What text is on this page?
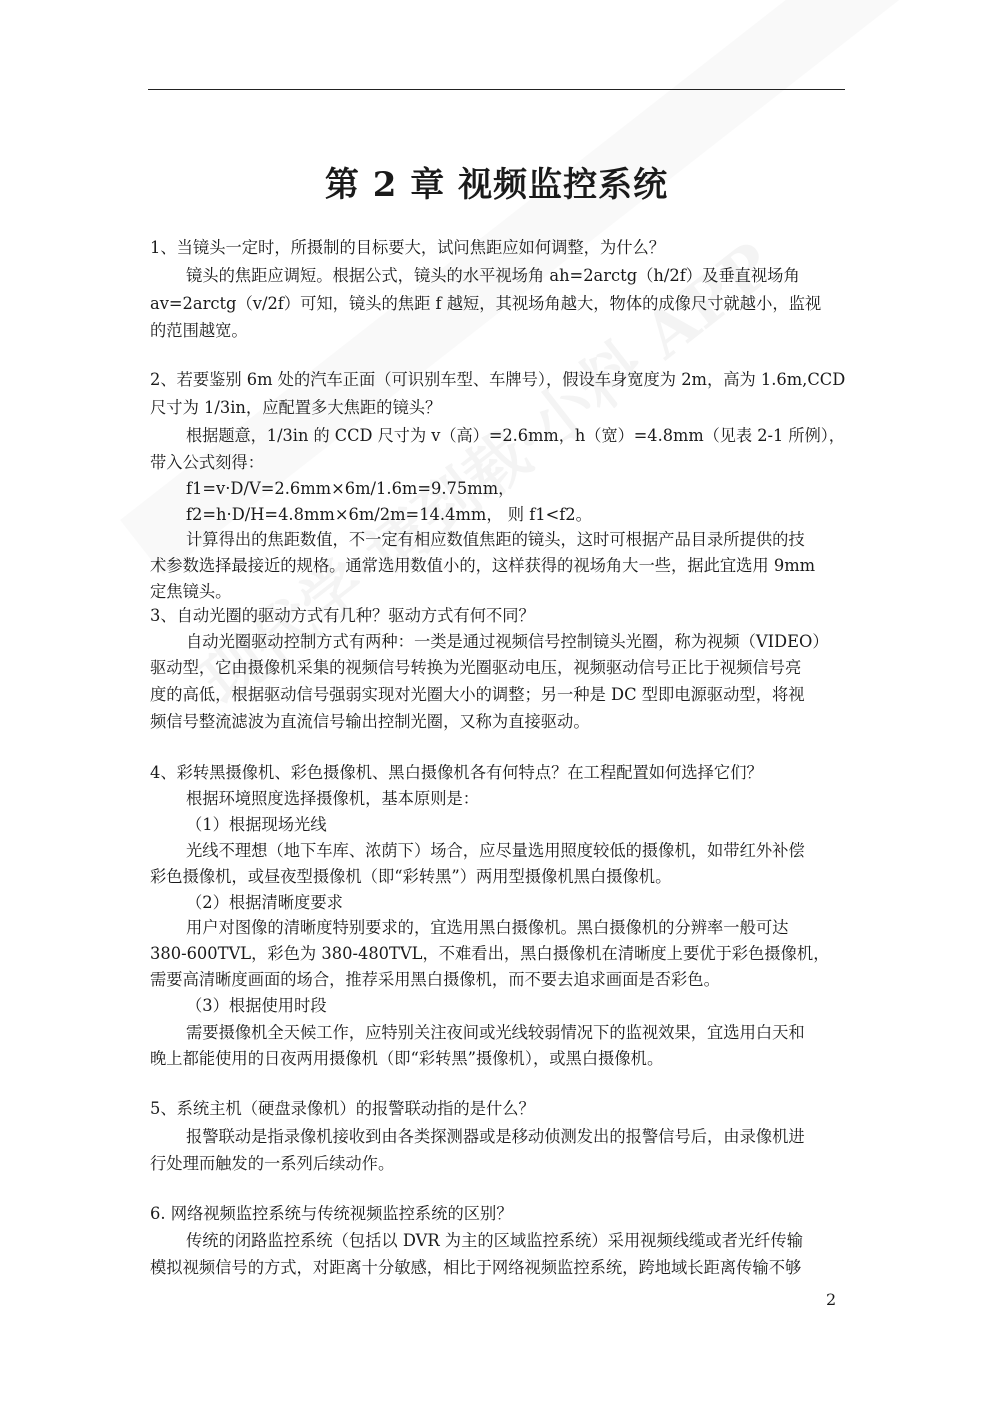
第 2 章 视频监控系统
1、当镜头一定时，所摄制的目标要大，试问焦距应如何调整，为什么？
镜头的焦距应调短。根据公式，镜头的水平视场角 ah=2arctg（h/2f）及垂直视场角
av=2arctg（v/2f）可知，镜头的焦距 f 越短，其视场角越大，物体的成像尺寸就越小，监视
的范围越宽。
2、若要鉴别 6m 处的汽车正面（可识别车型、车牌号），假设车身宽度为 2m，高为 1.6m,CCD
尺寸为 1/3in，应配置多大焦距的镜头？
根据题意，1/3in 的 CCD 尺寸为 v（高）=2.6mm，h（宽）=4.8mm（见表 2-1 所例），
带入公式刻得：
f1=v·D/V=2.6mm×6m/1.6m=9.75mm，
f2=h·D/H=4.8mm×6m/2m=14.4mm， 则 f1<f2。
计算得出的焦距数值，不一定有相应数值焦距的镜头，这时可根据产品目录所提供的技
术参数选择最接近的规格。通常选用数值小的，这样获得的视场角大一些，据此宜选用 9mm
定焦镜头。
3、自动光圈的驱动方式有几种？驱动方式有何不同？
自动光圈驱动控制方式有两种：一类是通过视频信号控制镜头光圈，称为视频（VIDEO）
驱动型，它由摄像机采集的视频信号转换为光圈驱动电压，视频驱动信号正比于视频信号亮
度的高低，根据驱动信号强弱实现对光圈大小的调整；另一种是 DC 型即电源驱动型，将视
频信号整流滤波为直流信号输出控制光圈，又称为直接驱动。
4、彩转黑摄像机、彩色摄像机、黑白摄像机各有何特点？在工程配置如何选择它们？
根据环境照度选择摄像机，基本原则是：
（1）根据现场光线
光线不理想（地下车库、浓荫下）场合，应尽量选用照度较低的摄像机，如带红外补偿
彩色摄像机，或昼夜型摄像机（即“彩转黑”）两用型摄像机黑白摄像机。
（2）根据清晰度要求
用户对图像的清晰度特别要求的，宜选用黑白摄像机。黑白摄像机的分辨率一般可达
380-600TVL，彩色为 380-480TVL，不难看出，黑白摄像机在清晰度上要优于彩色摄像机，
需要高清晰度画面的场合，推荐采用黑白摄像机，而不要去追求画面是否彩色。
（3）根据使用时段
需要摄像机全天候工作，应特别关注夜间或光线较弱情况下的监视效果，宜选用白天和
晚上都能使用的日夜两用摄像机（即“彩转黑”摄像机），或黑白摄像机。
5、系统主机（硬盘录像机）的报警联动指的是什么？
报警联动是指录像机接收到由各类探测器或是移动侦测发出的报警信号后，由录像机进
行处理而触发的一系列后续动作。
6. 网络视频监控系统与传统视频监控系统的区别？
传统的闭路监控系统（包括以 DVR 为主的区域监控系统）采用视频线缆或者光纤传输
模拟视频信号的方式，对距离十分敏感，相比于网络视频监控系统，跨地域长距离传输不够
2
